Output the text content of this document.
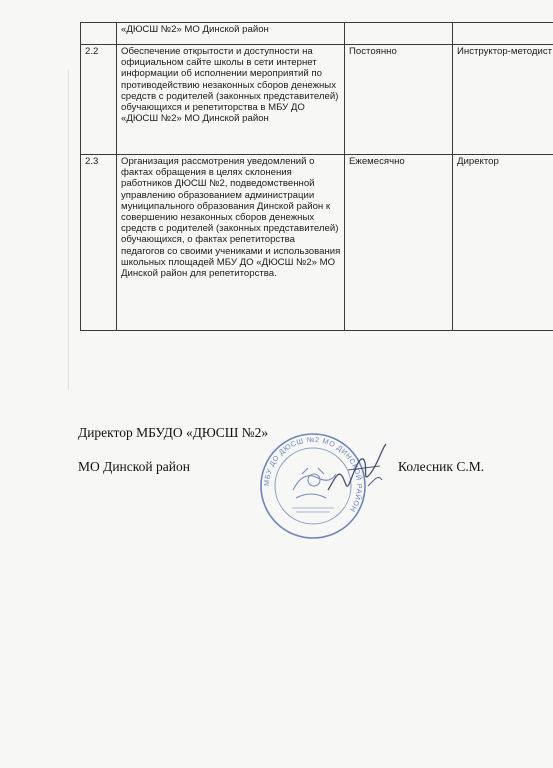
	«ДЮСШ №2» МО Динской район		
2.2	Обеспечение открытости и доступности на официальном сайте школы в сети интернет информации об исполнении мероприятий по противодействию незаконных сборов денежных средств с родителей (законных представителей) обучающихся и репетиторства в МБУ ДО «ДЮСШ №2» МО Динской район	Постоянно	Инструктор-методист
2.3	Организация рассмотрения уведомлений о фактах обращения в целях склонения работников ДЮСШ №2, подведомственной управлению образованием администрации муниципального образования Динской район к совершению незаконных сборов денежных средств с родителей (законных представителей) обучающихся, о фактах репетиторства педагогов со своими учениками и использования школьных площадей МБУ ДО «ДЮСШ №2» МО Динской район для репетиторства.	Ежемесячно	Директор
Директор МБУДО «ДЮСШ №2»
МО Динской район	Колесник С.М.
МБУ ДО ДЮСШ №2 МО ДИНСКОЙ РАЙОН
